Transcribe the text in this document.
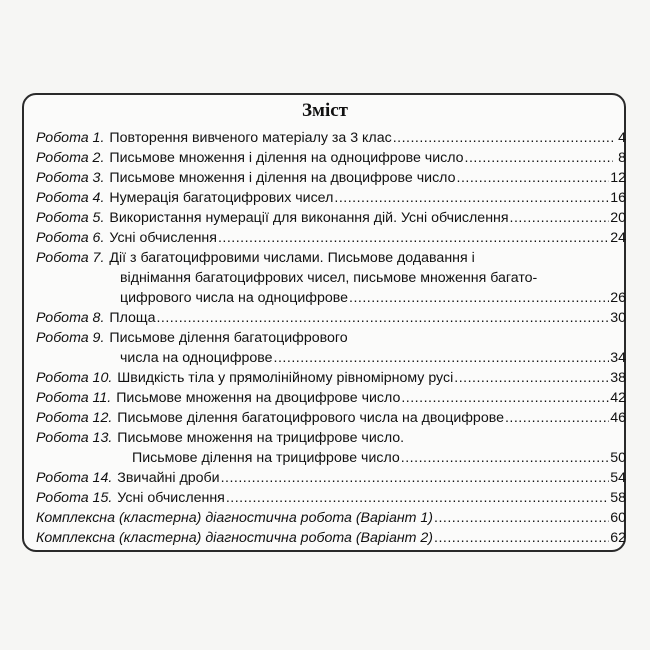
Зміст
Робота 1. Повторення вивченого матеріалу за 3 клас .....	4
Робота 2. Письмове множення і ділення на одноцифрове число .....	8
Робота 3. Письмове множення і ділення на двоцифрове число .....	12
Робота 4. Нумерація багатоцифрових чисел .....	16
Робота 5. Використання нумерації для виконання дій. Усні обчислення .....	20
Робота 6. Усні обчислення .....	24
Робота 7. Дії з багатоцифровими числами. Письмове додавання і
віднімання багатоцифрових чисел, письмове множення багато-
цифрового числа на одноцифрове .....	26
Робота 8. Площа .....	30
Робота 9. Письмове ділення багатоцифрового
числа на одноцифрове .....	34
Робота 10. Швидкість тіла у прямолінійному рівномірному русі .....	38
Робота 11. Письмове множення на двоцифрове число .....	42
Робота 12. Письмове ділення багатоцифрового числа на двоцифрове .....	46
Робота 13. Письмове множення на трицифрове число.
Письмове ділення на трицифрове число .....	50
Робота 14. Звичайні дроби .....	54
Робота 15. Усні обчислення .....	58
Комплексна (кластерна) діагностична робота (Варіант 1) .....	60
Комплексна (кластерна) діагностична робота (Варіант 2) .....	62
